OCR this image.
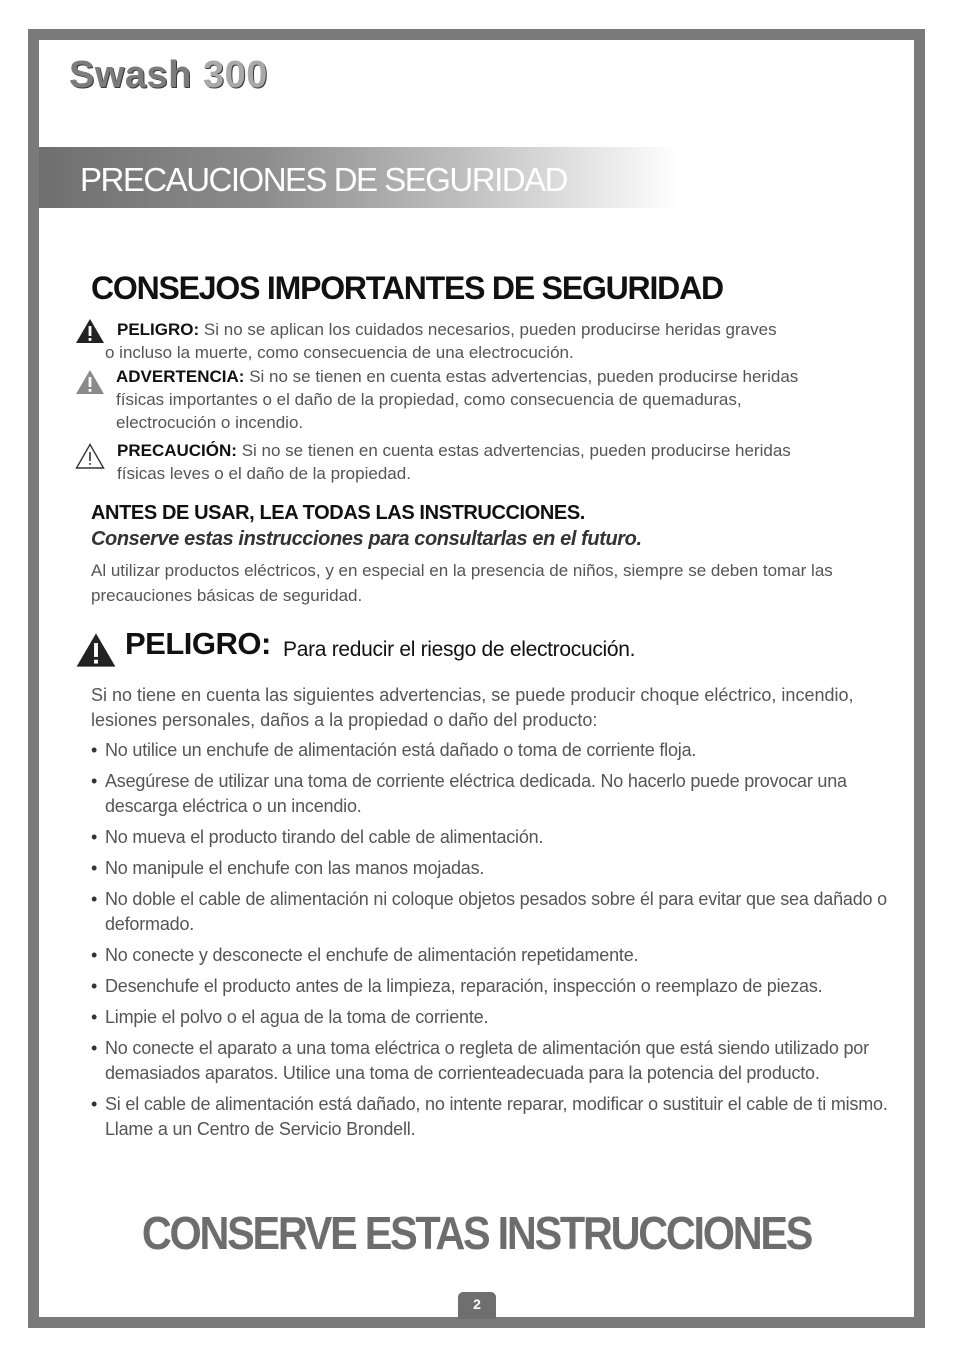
Swash 300
PRECAUCIONES DE SEGURIDAD
CONSEJOS IMPORTANTES DE SEGURIDAD
PELIGRO: Si no se aplican los cuidados necesarios, pueden producirse heridas graves
o incluso la muerte, como consecuencia de una electrocución.
ADVERTENCIA: Si no se tienen en cuenta estas advertencias, pueden producirse heridas físicas importantes o el daño de la propiedad, como consecuencia de quemaduras, electrocución o incendio.
PRECAUCIÓN: Si no se tienen en cuenta estas advertencias, pueden producirse heridas físicas leves o el daño de la propiedad.

ANTES DE USAR, LEA TODAS LAS INSTRUCCIONES.

Conserve estas instrucciones para consultarlas en el futuro.

Al utilizar productos eléctricos, y en especial en la presencia de niños, siempre se deben tomar las precauciones básicas de seguridad.

PELIGRO: Para reducir el riesgo de electrocución.

Si no tiene en cuenta las siguientes advertencias, se puede producir choque eléctrico, incendio, lesiones personales, daños a la propiedad o daño del producto:

• No utilice un enchufe de alimentación está dañado o toma de corriente floja.
• Asegúrese de utilizar una toma de corriente eléctrica dedicada. No hacerlo puede provocar una descarga eléctrica o un incendio.
• No mueva el producto tirando del cable de alimentación.
• No manipule el enchufe con las manos mojadas.
• No doble el cable de alimentación ni coloque objetos pesados sobre él para evitar que sea dañado o deformado.
• No conecte y desconecte el enchufe de alimentación repetidamente.
• Desenchufe el producto antes de la limpieza, reparación, inspección o reemplazo de piezas.
• Limpie el polvo o el agua de la toma de corriente.
• No conecte el aparato a una toma eléctrica o regleta de alimentación que está siendo utilizado por demasiados aparatos. Utilice una toma de corrienteadecuada para la potencia del producto.
• Si el cable de alimentación está dañado, no intente reparar, modificar o sustituir el cable de ti mismo. Llame a un Centro de Servicio Brondell.
CONSERVE ESTAS INSTRUCCIONES
2
